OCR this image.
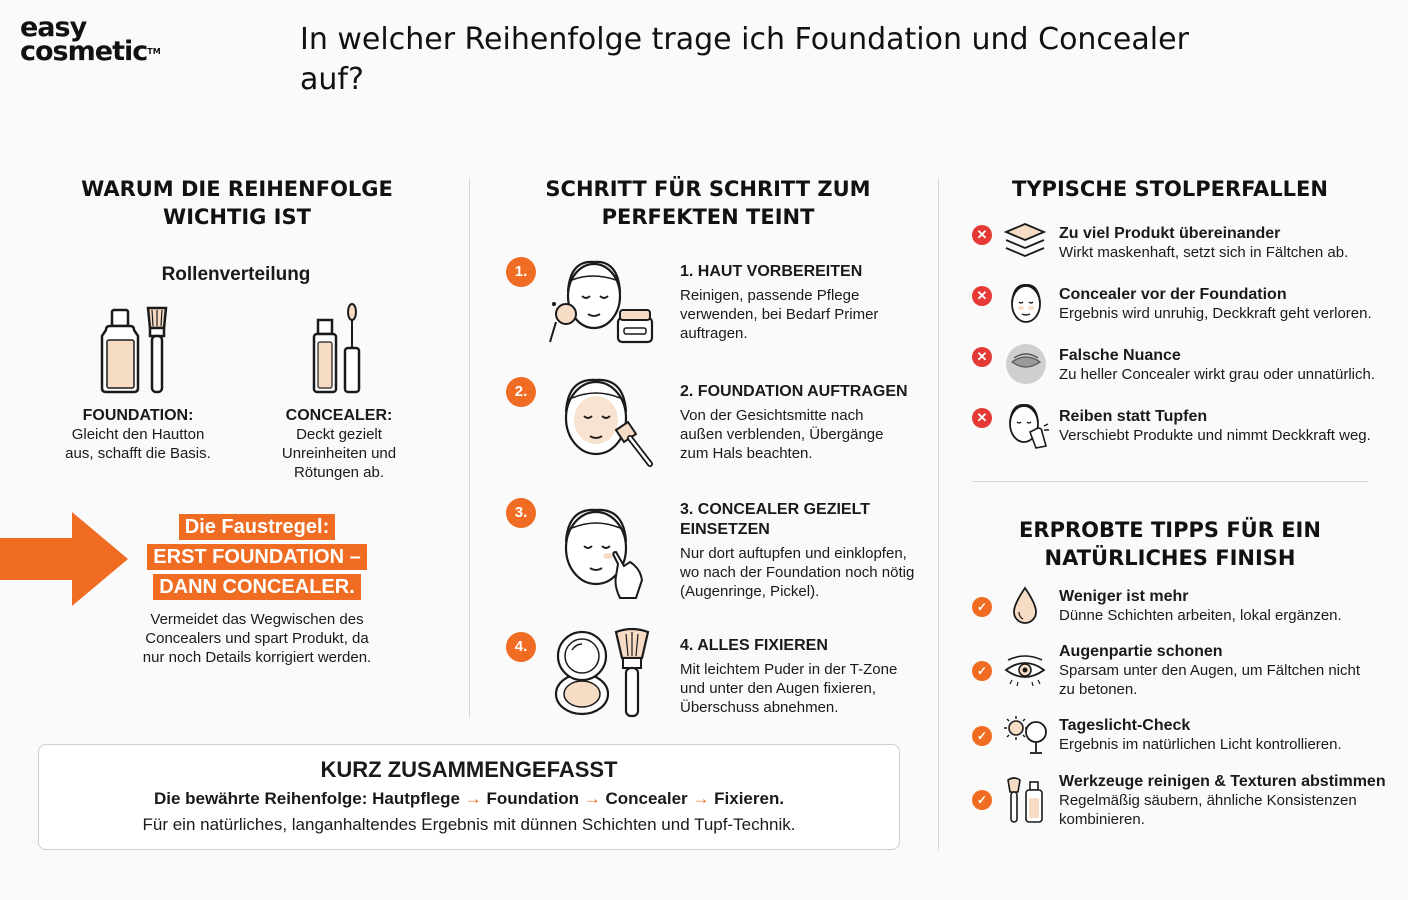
easy
cosmetic™	In welcher Reihenfolge trage ich Foundation und Concealer auf?
WARUM DIE REIHENFOLGE
WICHTIG IST
Rollenverteilung
FOUNDATION:
Gleicht den Hautton
aus, schafft die Basis.
CONCEALER:
Deckt gezielt
Unreinheiten und
Rötungen ab.
Die Faustregel:
ERST FOUNDATION –
DANN CONCEALER.
Vermeidet das Wegwischen des
Concealers und spart Produkt, da
nur noch Details korrigiert werden.
SCHRITT FÜR SCHRITT ZUM
PERFEKTEN TEINT
1.	1. HAUT VORBEREITEN
Reinigen, passende Pflege
verwenden, bei Bedarf Primer
auftragen.
2.	2. FOUNDATION AUFTRAGEN
Von der Gesichtsmitte nach
außen verblenden, Übergänge
zum Hals beachten.
3.	3. CONCEALER GEZIELT
EINSETZEN
Nur dort auftupfen und einklopfen,
wo nach der Foundation noch nötig
(Augenringe, Pickel).
4.	4. ALLES FIXIEREN
Mit leichtem Puder in der T-Zone
und unter den Augen fixieren,
Überschuss abnehmen.
TYPISCHE STOLPERFALLEN
✕	Zu viel Produkt übereinander
Wirkt maskenhaft, setzt sich in Fältchen ab.
✕	Concealer vor der Foundation
Ergebnis wird unruhig, Deckkraft geht verloren.
✕	Falsche Nuance
Zu heller Concealer wirkt grau oder unnatürlich.
✕	Reiben statt Tupfen
Verschiebt Produkte und nimmt Deckkraft weg.
ERPROBTE TIPPS FÜR EIN
NATÜRLICHES FINISH
✓
Weniger ist mehr
Dünne Schichten arbeiten, lokal ergänzen.
✓
Augenpartie schonen
Sparsam unter den Augen, um Fältchen nicht
zu betonen.
✓
Tageslicht-Check
Ergebnis im natürlichen Licht kontrollieren.
✓
Werkzeuge reinigen & Texturen abstimmen
Regelmäßig säubern, ähnliche Konsistenzen
kombinieren.
KURZ ZUSAMMENGEFASST
Die bewährte Reihenfolge: Hautpflege → Foundation → Concealer → Fixieren.
Für ein natürliches, langanhaltendes Ergebnis mit dünnen Schichten und Tupf-Technik.
